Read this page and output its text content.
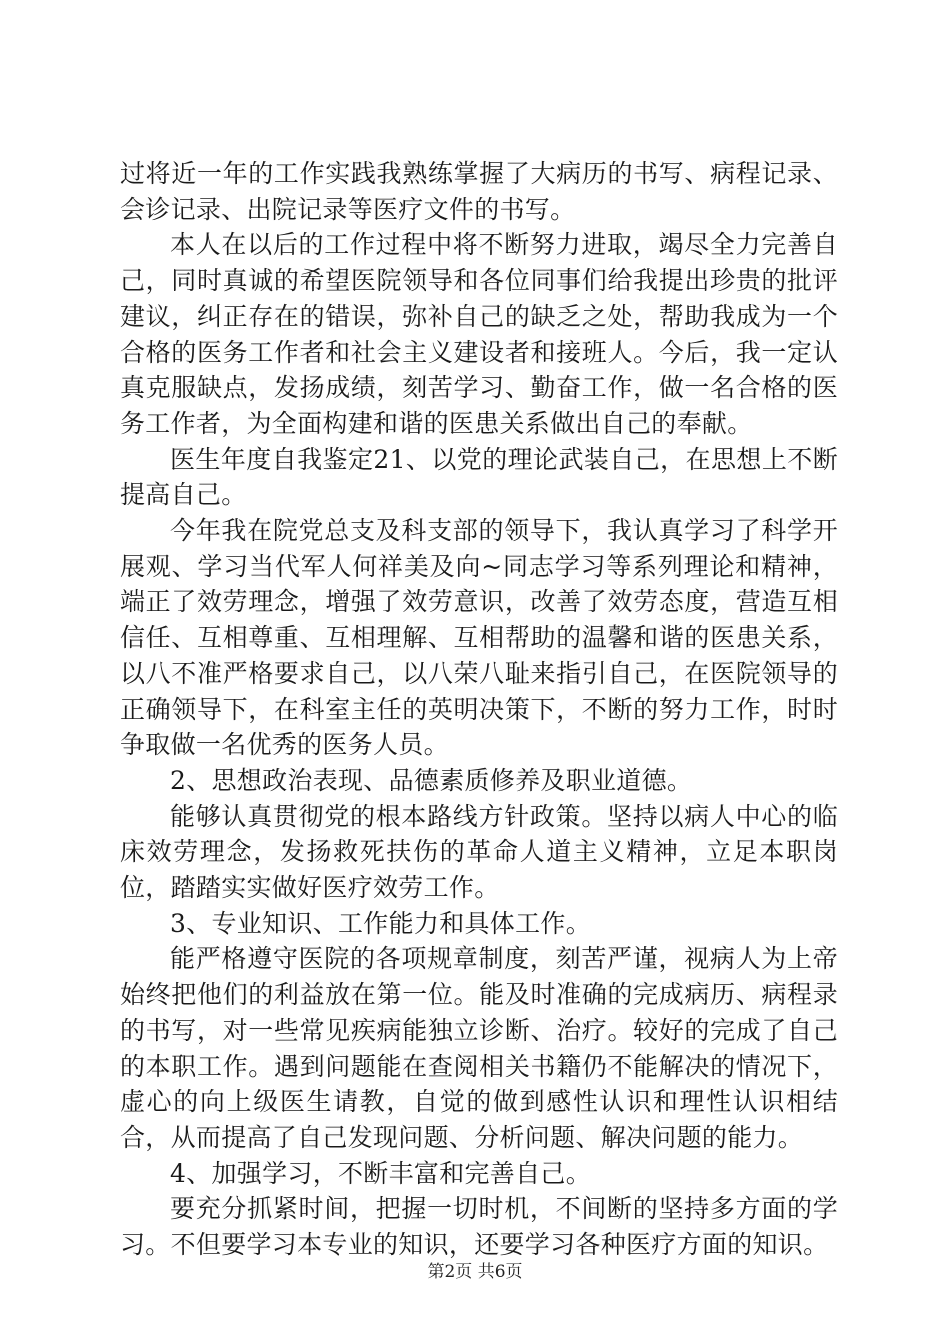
过将近一年的工作实践我熟练掌握了大病历的书写、病程记录、会诊记录、出院记录等医疗文件的书写。

本人在以后的工作过程中将不断努力进取，竭尽全力完善自己，同时真诚的希望医院领导和各位同事们给我提出珍贵的批评建议，纠正存在的错误，弥补自己的缺乏之处，帮助我成为一个合格的医务工作者和社会主义建设者和接班人。今后，我一定认真克服缺点，发扬成绩，刻苦学习、勤奋工作，做一名合格的医务工作者，为全面构建和谐的医患关系做出自己的奉献。

医生年度自我鉴定21、以党的理论武装自己，在思想上不断提高自己。

今年我在院党总支及科支部的领导下，我认真学习了科学开展观、学习当代军人何祥美及向~同志学习等系列理论和精神，端正了效劳理念，增强了效劳意识，改善了效劳态度，营造互相信任、互相尊重、互相理解、互相帮助的温馨和谐的医患关系，以八不准严格要求自己，以八荣八耻来指引自己，在医院领导的正确领导下，在科室主任的英明决策下，不断的努力工作，时时争取做一名优秀的医务人员。

2、思想政治表现、品德素质修养及职业道德。

能够认真贯彻党的根本路线方针政策。坚持以病人中心的临床效劳理念，发扬救死扶伤的革命人道主义精神，立足本职岗位，踏踏实实做好医疗效劳工作。

3、专业知识、工作能力和具体工作。

能严格遵守医院的各项规章制度，刻苦严谨，视病人为上帝始终把他们的利益放在第一位。能及时准确的完成病历、病程录的书写，对一些常见疾病能独立诊断、治疗。较好的完成了自己的本职工作。遇到问题能在查阅相关书籍仍不能解决的情况下，虚心的向上级医生请教，自觉的做到感性认识和理性认识相结合，从而提高了自己发现问题、分析问题、解决问题的能力。

4、加强学习，不断丰富和完善自己。

要充分抓紧时间，把握一切时机，不间断的坚持多方面的学习。不但要学习本专业的知识，还要学习各种医疗方面的知识。

第2页 共6页
